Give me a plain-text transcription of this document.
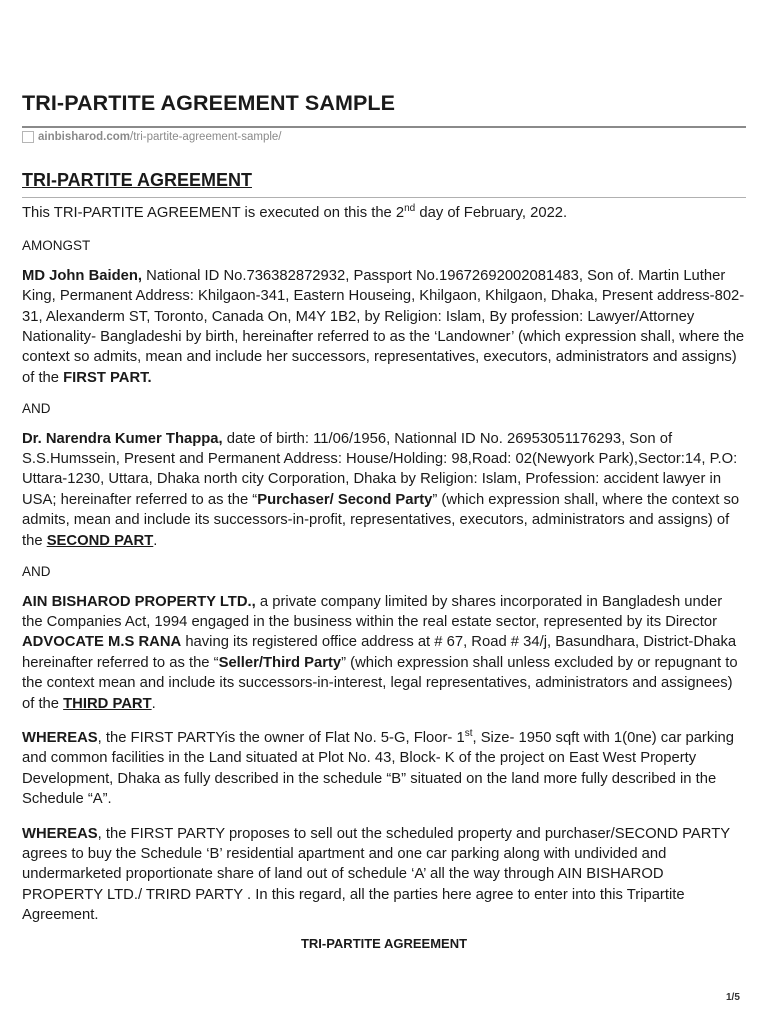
TRI-PARTITE AGREEMENT SAMPLE
ainbisharod.com/tri-partite-agreement-sample/
TRI-PARTITE AGREEMENT

This TRI-PARTITE AGREEMENT is executed on this the 2nd day of February, 2022.

AMONGST

MD John Baiden, National ID No.736382872932, Passport No.19672692002081483, Son of. Martin Luther King, Permanent Address: Khilgaon-341, Eastern Houseing, Khilgaon, Khilgaon, Dhaka, Present address-802-31, Alexanderm ST, Toronto, Canada On, M4Y 1B2, by Religion: Islam, By profession: Lawyer/Attorney Nationality- Bangladeshi by birth, hereinafter referred to as the ‘Landowner’ (which expression shall, where the context so admits, mean and include her successors, representatives, executors, administrators and assigns) of the FIRST PART.

AND

Dr. Narendra Kumer Thappa, date of birth: 11/06/1956, Nationnal ID No. 26953051176293, Son of S.S.Humssein, Present and Permanent Address: House/Holding: 98,Road: 02(Newyork Park),Sector:14, P.O: Uttara-1230, Uttara, Dhaka north city Corporation, Dhaka by Religion: Islam, Profession: accident lawyer in USA; hereinafter referred to as the “Purchaser/ Second Party” (which expression shall, where the context so admits, mean and include its successors-in-profit, representatives, executors, administrators and assigns) of the SECOND PART.

AND

AIN BISHAROD PROPERTY LTD., a private company limited by shares incorporated in Bangladesh under the Companies Act, 1994 engaged in the business within the real estate sector, represented by its Director ADVOCATE M.S RANA having its registered office address at # 67, Road # 34/j, Basundhara, District-Dhaka hereinafter referred to as the “Seller/Third Party” (which expression shall unless excluded by or repugnant to the context mean and include its successors-in-interest, legal representatives, administrators and assignees) of the THIRD PART.

WHEREAS, the FIRST PARTYis the owner of Flat No. 5-G, Floor- 1st, Size- 1950 sqft with 1(0ne) car parking and common facilities in the Land situated at Plot No. 43, Block- K of the project on East West Property Development, Dhaka as fully described in the schedule “B” situated on the land more fully described in the Schedule “A”.

WHEREAS, the FIRST PARTY proposes to sell out the scheduled property and purchaser/SECOND PARTY agrees to buy the Schedule ‘B’ residential apartment and one car parking along with undivided and undermarketed proportionate share of land out of schedule ‘A’ all the way through AIN BISHAROD PROPERTY LTD./ TRIRD PARTY . In this regard, all the parties here agree to enter into this Tripartite Agreement.

TRI-PARTITE AGREEMENT

1/5
